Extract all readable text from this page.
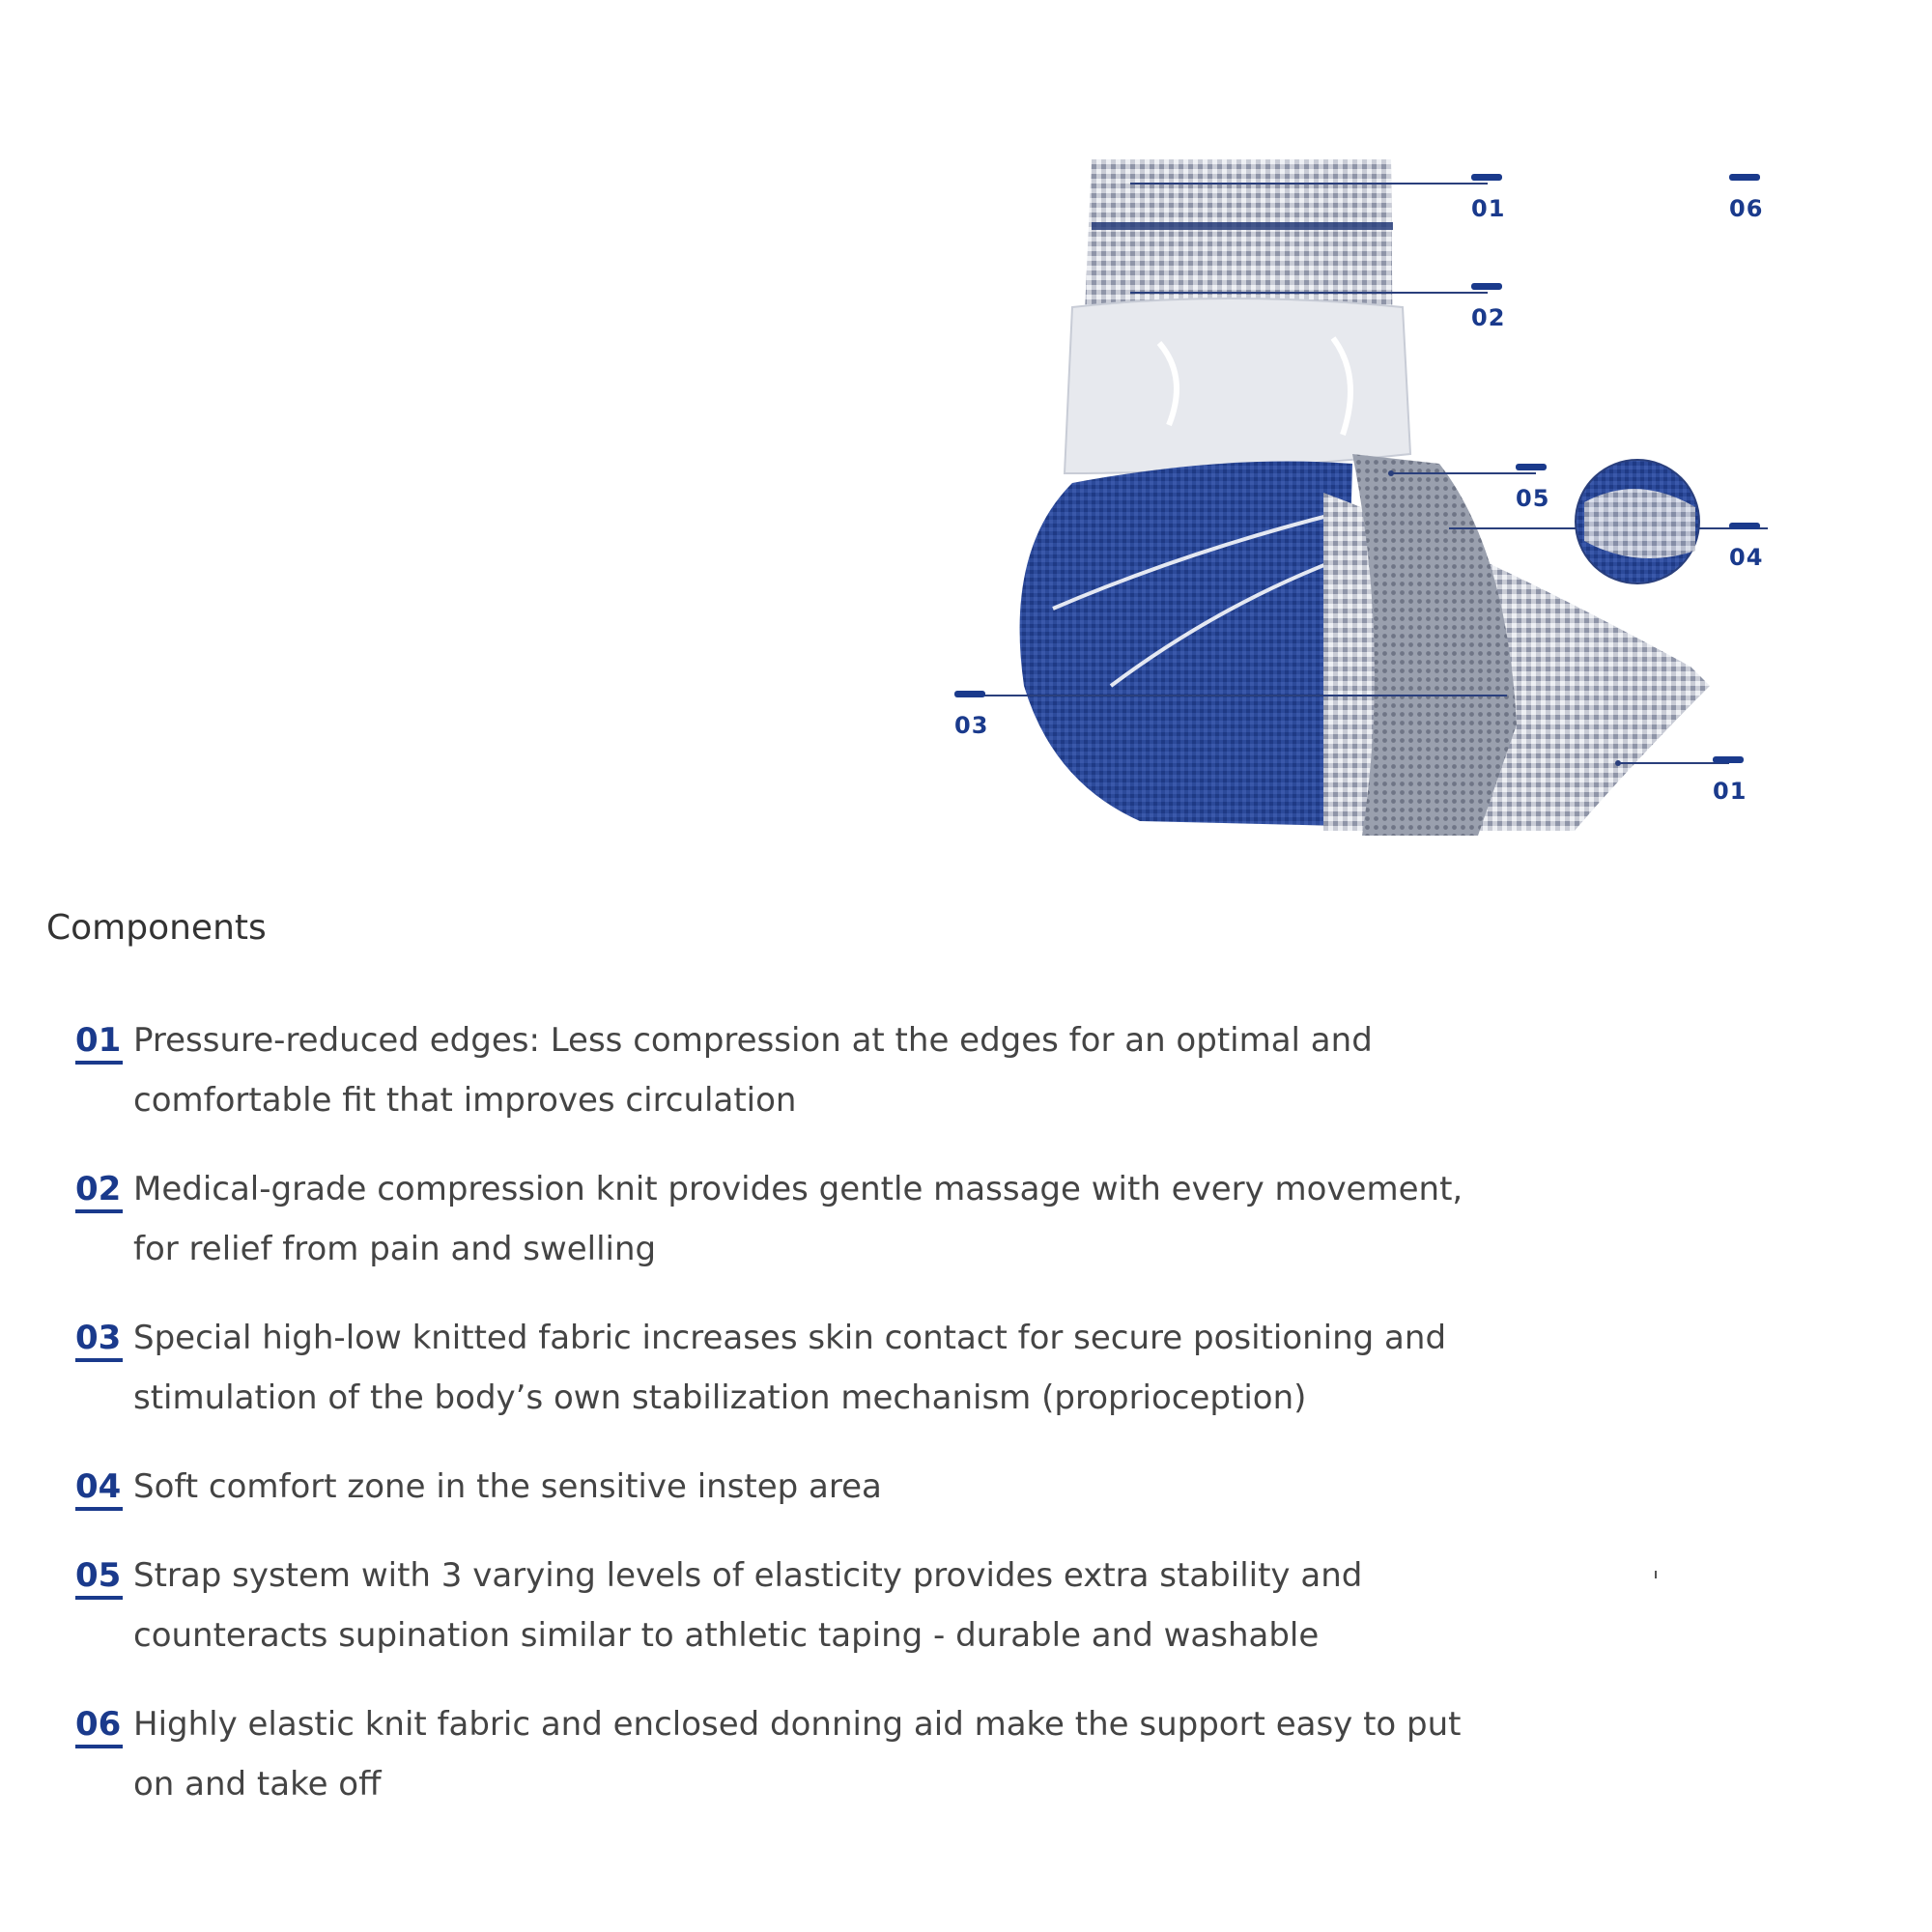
01
02
05
04
03
01
06
Components
01 Pressure-reduced edges: Less compression at the edges for an optimal and comfortable fit that improves circulation
02 Medical-grade compression knit provides gentle massage with every movement, for relief from pain and swelling
03 Special high-low knitted fabric increases skin contact for secure positioning and stimulation of the body’s own stabilization mechanism (proprioception)
04 Soft comfort zone in the sensitive instep area
05 Strap system with 3 varying levels of elasticity provides extra stability and counteracts supination similar to athletic taping - durable and washable
06 Highly elastic knit fabric and enclosed donning aid make the support easy to put on and take off
